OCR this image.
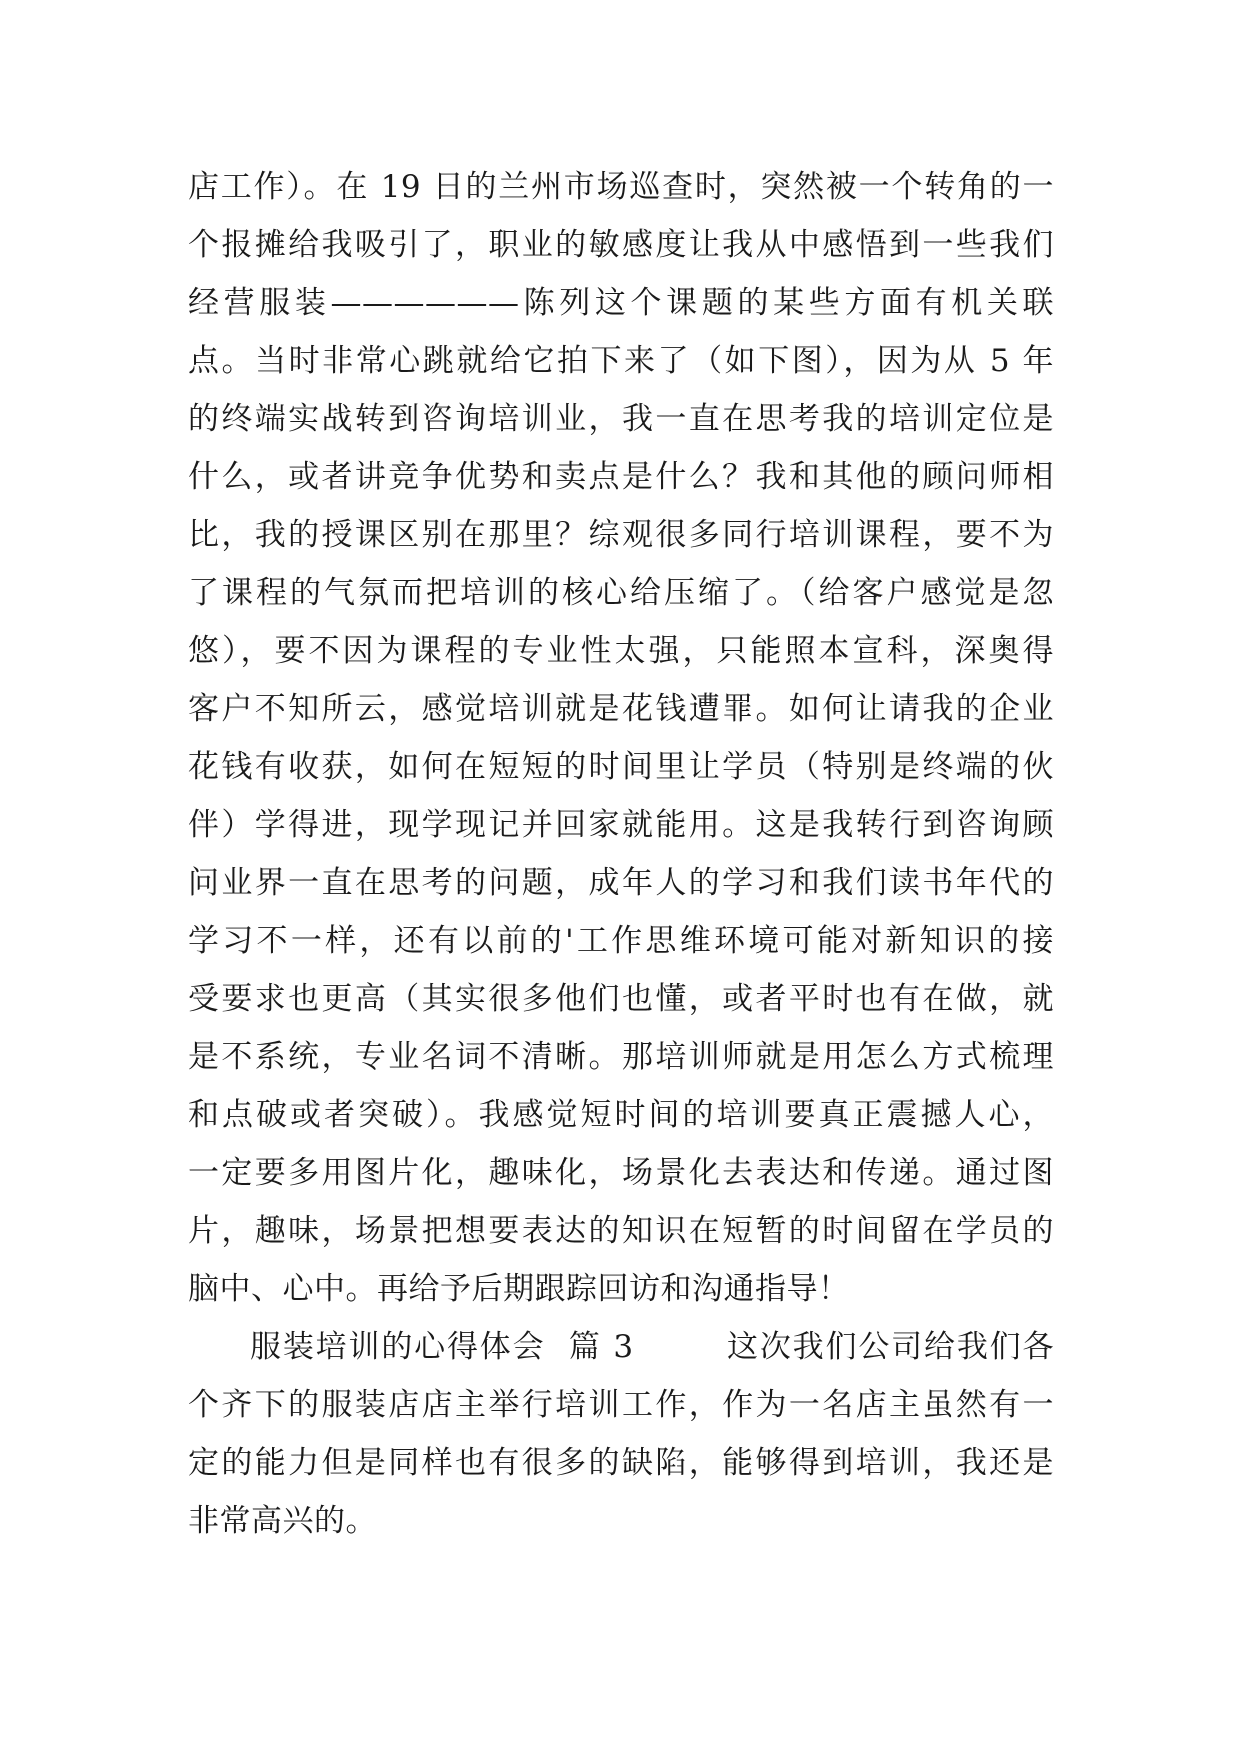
店工作）。在 19 日的兰州市场巡查时，突然被一个转角的一
个报摊给我吸引了，职业的敏感度让我从中感悟到一些我们
经营服装——————陈列这个课题的某些方面有机关联
点。当时非常心跳就给它拍下来了（如下图），因为从 5 年
的终端实战转到咨询培训业，我一直在思考我的培训定位是
什么，或者讲竞争优势和卖点是什么？我和其他的顾问师相
比，我的授课区别在那里？综观很多同行培训课程，要不为
了课程的气氛而把培训的核心给压缩了。（给客户感觉是忽
悠），要不因为课程的专业性太强，只能照本宣科，深奥得
客户不知所云，感觉培训就是花钱遭罪。如何让请我的企业
花钱有收获，如何在短短的时间里让学员（特别是终端的伙
伴）学得进，现学现记并回家就能用。这是我转行到咨询顾
问业界一直在思考的问题，成年人的学习和我们读书年代的
学习不一样，还有以前的'工作思维环境可能对新知识的接
受要求也更高（其实很多他们也懂，或者平时也有在做，就
是不系统，专业名词不清晰。那培训师就是用怎么方式梳理
和点破或者突破）。我感觉短时间的培训要真正震撼人心，
一定要多用图片化，趣味化，场景化去表达和传递。通过图
片，趣味，场景把想要表达的知识在短暂的时间留在学员的
脑中、心中。再给予后期跟踪回访和沟通指导！
服装培训的心得体会  篇 3        这次我们公司给我们各
个齐下的服装店店主举行培训工作，作为一名店主虽然有一
定的能力但是同样也有很多的缺陷，能够得到培训，我还是
非常高兴的。
